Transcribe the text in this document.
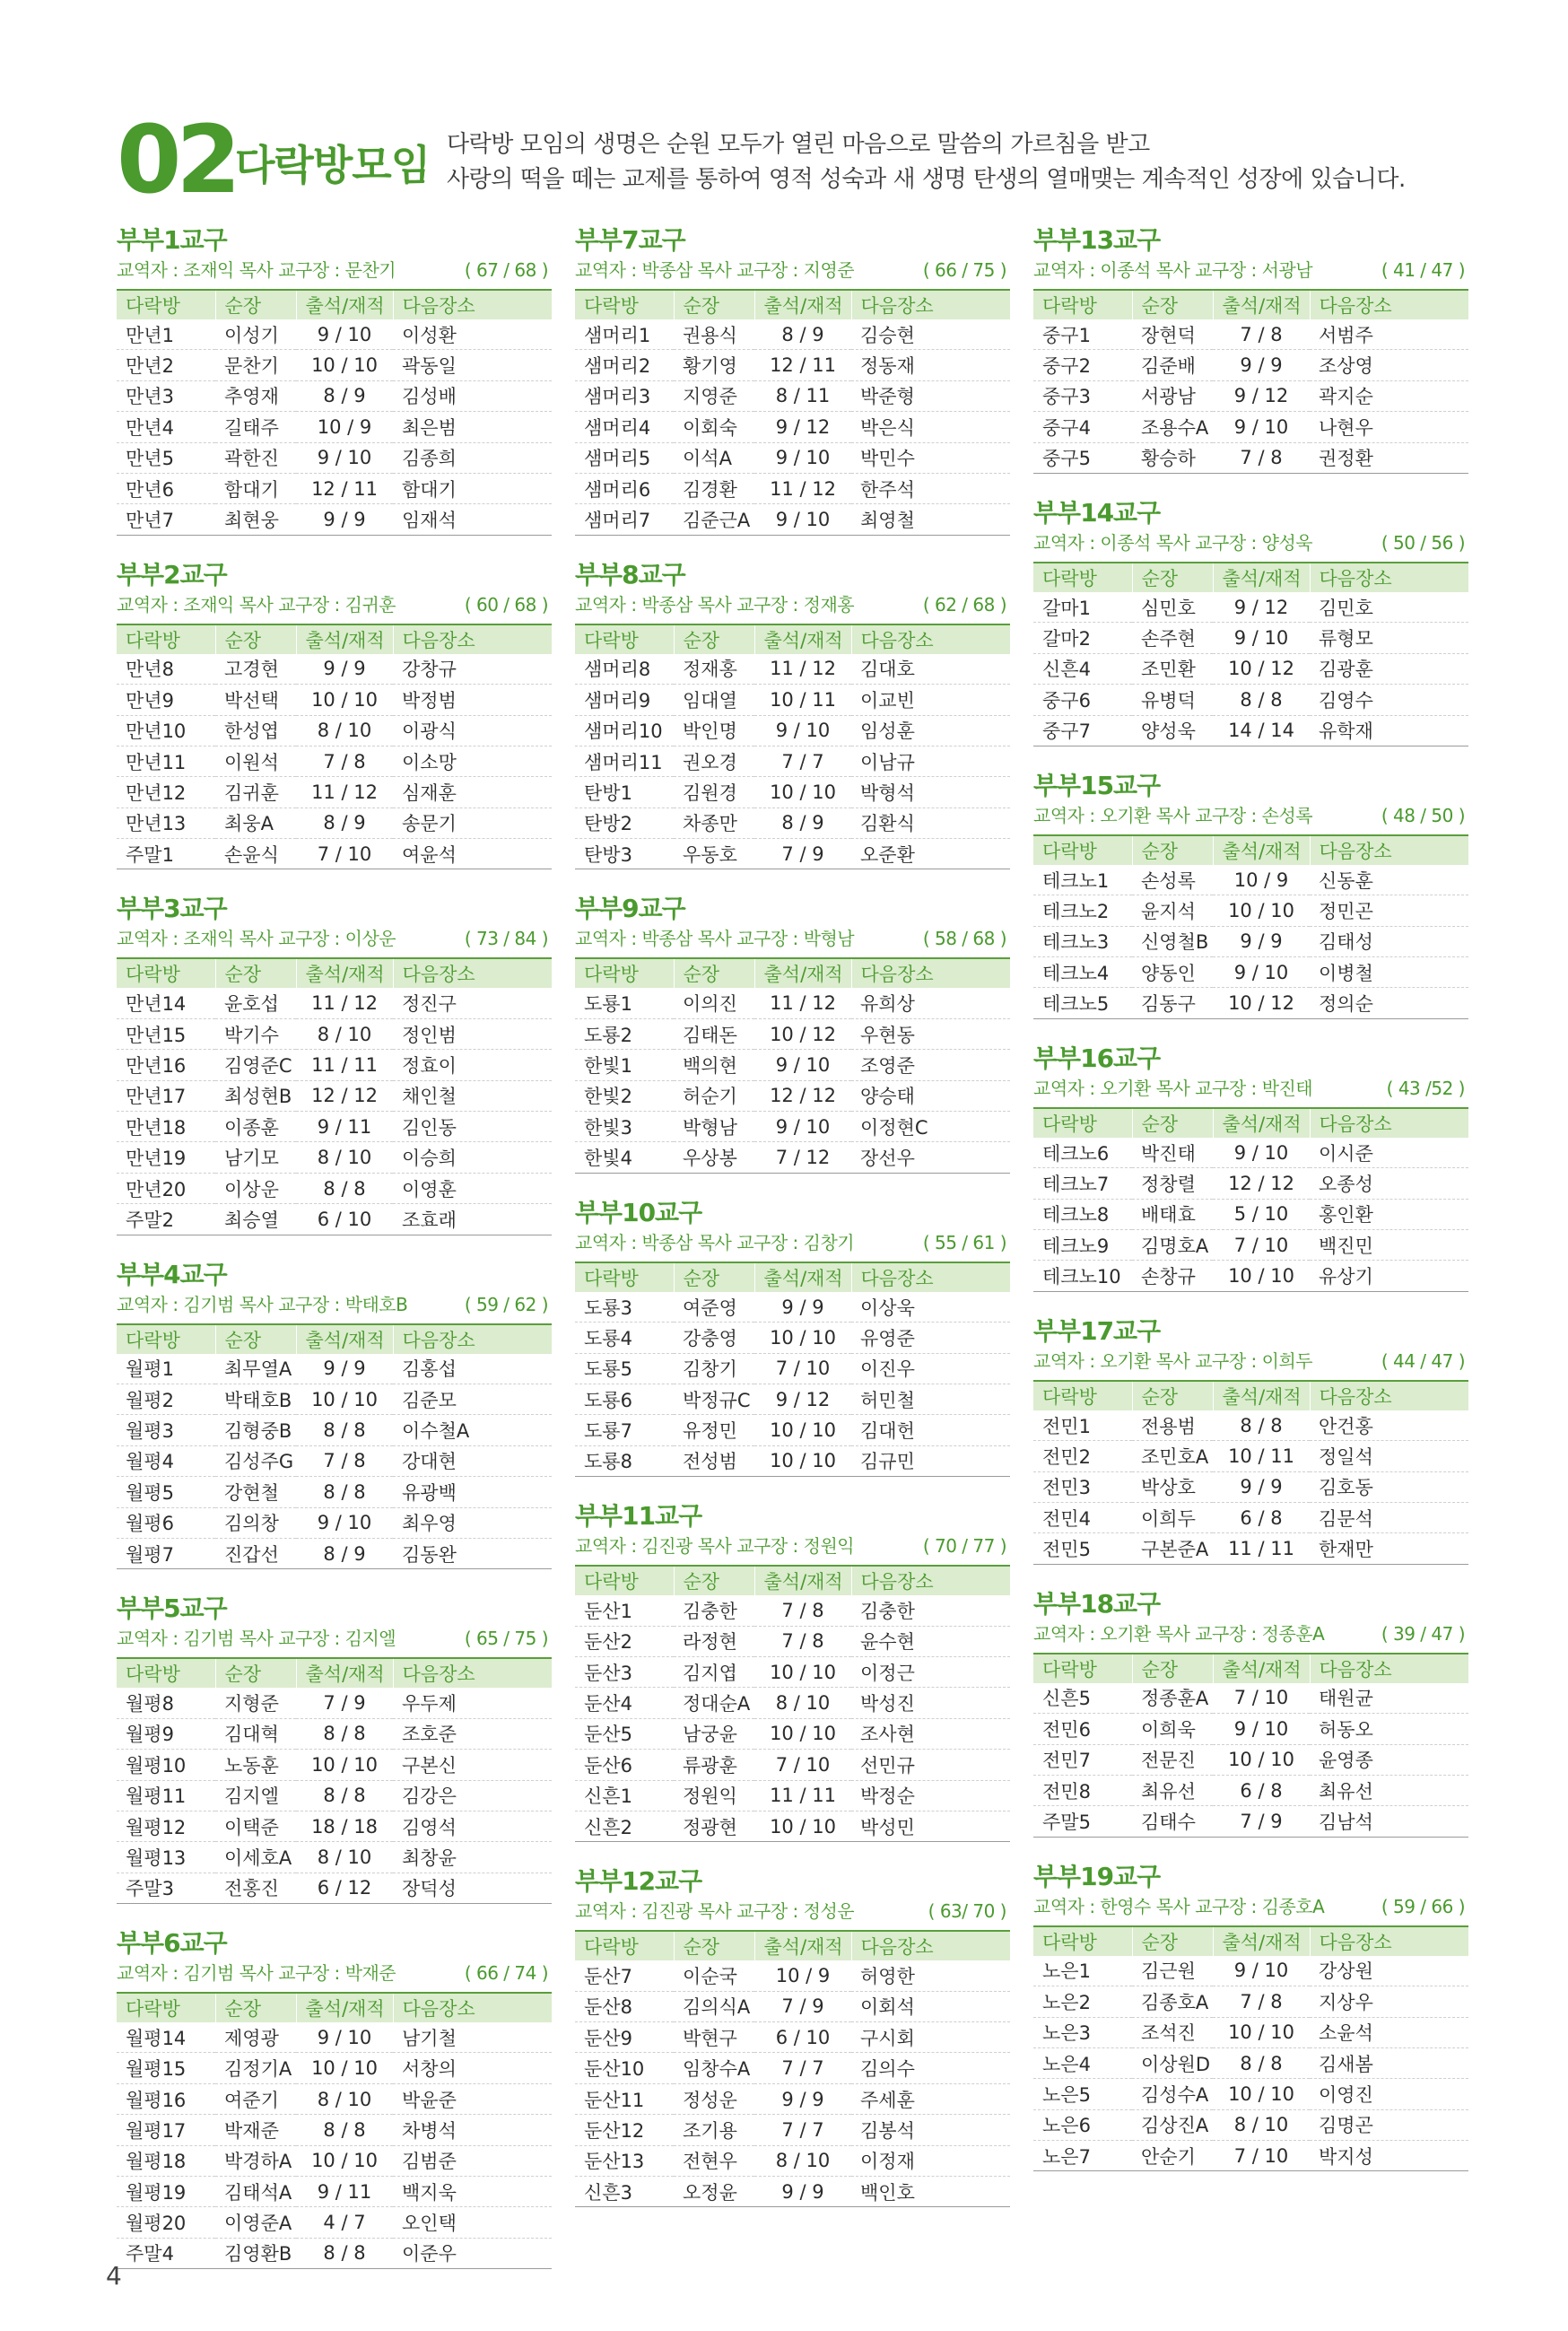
02 다락방모임 다락방 모임의 생명은 순원 모두가 열린 마음으로 말씀의 가르침을 받고
사랑의 떡을 떼는 교제를 통하여 영적 성숙과 새 생명 탄생의 열매맺는 계속적인 성장에 있습니다.
부부1교구
교역자 : 조재익 목사 교구장 : 문찬기	( 67 / 68 )
다락방	순장	출석/재적	다음장소
만년1	이성기	9 / 10	이성환
만년2	문찬기	10 / 10	곽동일
만년3	추영재	8 / 9	김성배
만년4	길태주	10 / 9	최은범
만년5	곽한진	9 / 10	김종희
만년6	함대기	12 / 11	함대기
만년7	최현웅	9 / 9	임재석
부부2교구
교역자 : 조재익 목사 교구장 : 김귀훈	( 60 / 68 )
다락방	순장	출석/재적	다음장소
만년8	고경현	9 / 9	강창규
만년9	박선택	10 / 10	박정범
만년10	한성엽	8 / 10	이광식
만년11	이원석	7 / 8	이소망
만년12	김귀훈	11 / 12	심재훈
만년13	최웅A	8 / 9	송문기
주말1	손윤식	7 / 10	여윤석
부부3교구
교역자 : 조재익 목사 교구장 : 이상운	( 73 / 84 )
다락방	순장	출석/재적	다음장소
만년14	윤호섭	11 / 12	정진구
만년15	박기수	8 / 10	정인범
만년16	김영준C	11 / 11	정효이
만년17	최성현B	12 / 12	채인철
만년18	이종훈	9 / 11	김인동
만년19	남기모	8 / 10	이승희
만년20	이상운	8 / 8	이영훈
주말2	최승열	6 / 10	조효래
부부4교구
교역자 : 김기범 목사 교구장 : 박태호B	( 59 / 62 )
다락방	순장	출석/재적	다음장소
월평1	최무열A	9 / 9	김홍섭
월평2	박태호B	10 / 10	김준모
월평3	김형중B	8 / 8	이수철A
월평4	김성주G	7 / 8	강대현
월평5	강현철	8 / 8	유광백
월평6	김의창	9 / 10	최우영
월평7	진갑선	8 / 9	김동완
부부5교구
교역자 : 김기범 목사 교구장 : 김지엘	( 65 / 75 )
다락방	순장	출석/재적	다음장소
월평8	지형준	7 / 9	우두제
월평9	김대혁	8 / 8	조호준
월평10	노동훈	10 / 10	구본신
월평11	김지엘	8 / 8	김강은
월평12	이택준	18 / 18	김영석
월평13	이세호A	8 / 10	최창윤
주말3	전홍진	6 / 12	장덕성
부부6교구
교역자 : 김기범 목사 교구장 : 박재준	( 66 / 74 )
다락방	순장	출석/재적	다음장소
월평14	제영광	9 / 10	남기철
월평15	김정기A	10 / 10	서창의
월평16	여준기	8 / 10	박윤준
월평17	박재준	8 / 8	차병석
월평18	박경하A	10 / 10	김범준
월평19	김태석A	9 / 11	백지욱
월평20	이영준A	4 / 7	오인택
주말4	김영환B	8 / 8	이준우
부부7교구
교역자 : 박종삼 목사 교구장 : 지영준	( 66 / 75 )
다락방	순장	출석/재적	다음장소
샘머리1	권용식	8 / 9	김승현
샘머리2	황기영	12 / 11	정동재
샘머리3	지영준	8 / 11	박준형
샘머리4	이회숙	9 / 12	박은식
샘머리5	이석A	9 / 10	박민수
샘머리6	김경환	11 / 12	한주석
샘머리7	김준근A	9 / 10	최영철
부부8교구
교역자 : 박종삼 목사 교구장 : 정재홍	( 62 / 68 )
다락방	순장	출석/재적	다음장소
샘머리8	정재홍	11 / 12	김대호
샘머리9	임대열	10 / 11	이교빈
샘머리10	박인명	9 / 10	임성훈
샘머리11	권오경	7 / 7	이남규
탄방1	김원경	10 / 10	박형석
탄방2	차종만	8 / 9	김환식
탄방3	우동호	7 / 9	오준환
부부9교구
교역자 : 박종삼 목사 교구장 : 박형남	( 58 / 68 )
다락방	순장	출석/재적	다음장소
도룡1	이의진	11 / 12	유희상
도룡2	김태돈	10 / 12	우현동
한빛1	백의현	9 / 10	조영준
한빛2	허순기	12 / 12	양승태
한빛3	박형남	9 / 10	이정현C
한빛4	우상봉	7 / 12	장선우
부부10교구
교역자 : 박종삼 목사 교구장 : 김창기	( 55 / 61 )
다락방	순장	출석/재적	다음장소
도룡3	여준영	9 / 9	이상욱
도룡4	강충영	10 / 10	유영준
도룡5	김창기	7 / 10	이진우
도룡6	박정규C	9 / 12	허민철
도룡7	유정민	10 / 10	김대헌
도룡8	전성범	10 / 10	김규민
부부11교구
교역자 : 김진광 목사 교구장 : 정원익	( 70 / 77 )
다락방	순장	출석/재적	다음장소
둔산1	김충한	7 / 8	김충한
둔산2	라정현	7 / 8	윤수현
둔산3	김지엽	10 / 10	이정근
둔산4	정대순A	8 / 10	박성진
둔산5	남궁윤	10 / 10	조사현
둔산6	류광훈	7 / 10	선민규
신흔1	정원익	11 / 11	박정순
신흔2	정광현	10 / 10	박성민
부부12교구
교역자 : 김진광 목사 교구장 : 정성운	( 63/ 70 )
다락방	순장	출석/재적	다음장소
둔산7	이순국	10 / 9	허영한
둔산8	김의식A	7 / 9	이회석
둔산9	박현구	6 / 10	구시회
둔산10	임창수A	7 / 7	김의수
둔산11	정성운	9 / 9	주세훈
둔산12	조기용	7 / 7	김봉석
둔산13	전현우	8 / 10	이정재
신흔3	오정윤	9 / 9	백인호
부부13교구
교역자 : 이종석 목사 교구장 : 서광남	( 41 / 47 )
다락방	순장	출석/재적	다음장소
중구1	장현덕	7 / 8	서범주
중구2	김준배	9 / 9	조상영
중구3	서광남	9 / 12	곽지순
중구4	조용수A	9 / 10	나현우
중구5	황승하	7 / 8	권정환
부부14교구
교역자 : 이종석 목사 교구장 : 양성욱	( 50 / 56 )
다락방	순장	출석/재적	다음장소
갈마1	심민호	9 / 12	김민호
갈마2	손주현	9 / 10	류형모
신흔4	조민환	10 / 12	김광훈
중구6	유병덕	8 / 8	김영수
중구7	양성욱	14 / 14	유학재
부부15교구
교역자 : 오기환 목사 교구장 : 손성록	( 48 / 50 )
다락방	순장	출석/재적	다음장소
테크노1	손성록	10 / 9	신동훈
테크노2	윤지석	10 / 10	정민곤
테크노3	신영철B	9 / 9	김태성
테크노4	양동인	9 / 10	이병철
테크노5	김동구	10 / 12	정의순
부부16교구
교역자 : 오기환 목사 교구장 : 박진태	( 43 /52 )
다락방	순장	출석/재적	다음장소
테크노6	박진태	9 / 10	이시준
테크노7	정창렬	12 / 12	오종성
테크노8	배태효	5 / 10	홍인환
테크노9	김명호A	7 / 10	백진민
테크노10	손창규	10 / 10	유상기
부부17교구
교역자 : 오기환 목사 교구장 : 이희두	( 44 / 47 )
다락방	순장	출석/재적	다음장소
전민1	전용범	8 / 8	안건홍
전민2	조민호A	10 / 11	정일석
전민3	박상호	9 / 9	김호동
전민4	이희두	6 / 8	김문석
전민5	구본준A	11 / 11	한재만
부부18교구
교역자 : 오기환 목사 교구장 : 정종훈A	( 39 / 47 )
다락방	순장	출석/재적	다음장소
신흔5	정종훈A	7 / 10	태원균
전민6	이희욱	9 / 10	허동오
전민7	전문진	10 / 10	윤영종
전민8	최유선	6 / 8	최유선
주말5	김태수	7 / 9	김남석
부부19교구
교역자 : 한영수 목사 교구장 : 김종호A	( 59 / 66 )
다락방	순장	출석/재적	다음장소
노은1	김근원	9 / 10	강상원
노은2	김종호A	7 / 8	지상우
노은3	조석진	10 / 10	소윤석
노은4	이상원D	8 / 8	김새봄
노은5	김성수A	10 / 10	이영진
노은6	김상진A	8 / 10	김명곤
노은7	안순기	7 / 10	박지성
4
